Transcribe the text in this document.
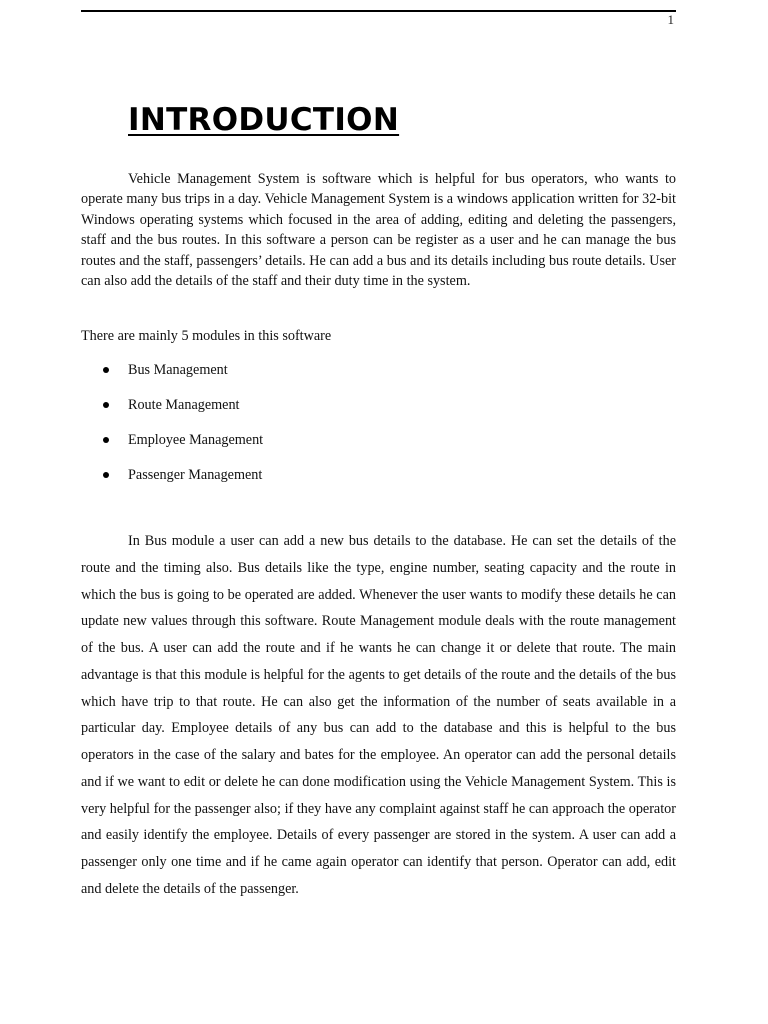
1
INTRODUCTION

Vehicle Management System is software which is helpful for bus operators, who wants to operate many bus trips in a day. Vehicle Management System is a windows application written for 32-bit Windows operating systems which focused in the area of adding, editing and deleting the passengers, staff and the bus routes. In this software a person can be register as a user and he can manage the bus routes and the staff, passengers’ details. He can add a bus and its details including bus route details. User can also add the details of the staff and their duty time in the system.

There are mainly 5 modules in this software

Bus Management
Route Management
Employee Management
Passenger Management

In Bus module a user can add a new bus details to the database. He can set the details of the route and the timing also. Bus details like the type, engine number, seating capacity and the route in which the bus is going to be operated are added. Whenever the user wants to modify these details he can update new values through this software. Route Management module deals with the route management of the bus. A user can add the route and if he wants he can change it or delete that route. The main advantage is that this module is helpful for the agents to get details of the route and the details of the bus which have trip to that route. He can also get the information of the number of seats available in a particular day. Employee details of any bus can add to the database and this is helpful to the bus operators in the case of the salary and bates for the employee. An operator can add the personal details and if we want to edit or delete he can done modification using the Vehicle Management System. This is very helpful for the passenger also; if they have any complaint against staff he can approach the operator and easily identify the employee. Details of every passenger are stored in the system. A user can add a passenger only one time and if he came again operator can identify that person. Operator can add, edit and delete the details of the passenger.
